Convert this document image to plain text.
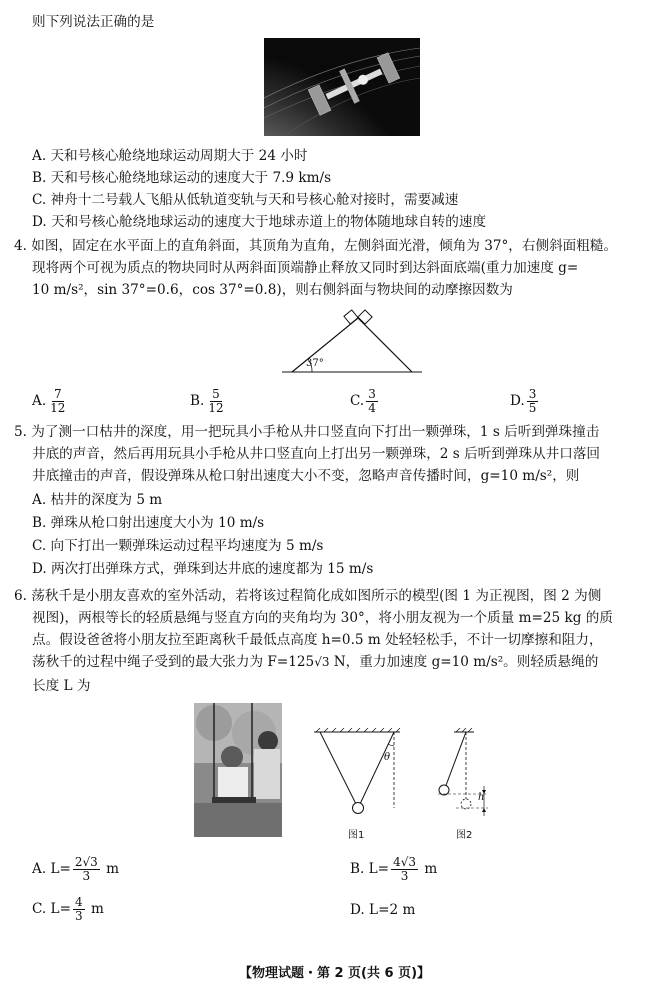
则下列说法正确的是
A. 天和号核心舱绕地球运动周期大于 24 小时
B. 天和号核心舱绕地球运动的速度大于 7.9 km/s
C. 神舟十二号载人飞船从低轨道变轨与天和号核心舱对接时，需要减速
D. 天和号核心舱绕地球运动的速度大于地球赤道上的物体随地球自转的速度
4. 如图，固定在水平面上的直角斜面，其顶角为直角，左侧斜面光滑，倾角为 37°，右侧斜面粗糙。
现将两个可视为质点的物块同时从两斜面顶端静止释放又同时到达斜面底端(重力加速度 g=
10 m/s²，sin 37°=0.6，cos 37°=0.8)，则右侧斜面与物块间的动摩擦因数为
37°
A. $\frac{7}{12}$	B. $\frac{5}{12}$	C. $\frac{3}{4}$	D. $\frac{3}{5}$
5. 为了测一口枯井的深度，用一把玩具小手枪从井口竖直向下打出一颗弹珠，1 s 后听到弹珠撞击
井底的声音，然后再用玩具小手枪从井口竖直向上打出另一颗弹珠，2 s 后听到弹珠从井口落回
井底撞击的声音，假设弹珠从枪口射出速度大小不变，忽略声音传播时间，g=10 m/s²，则
A. 枯井的深度为 5 m
B. 弹珠从枪口射出速度大小为 10 m/s
C. 向下打出一颗弹珠运动过程平均速度为 5 m/s
D. 两次打出弹珠方式，弹珠到达井底的速度都为 15 m/s
6. 荡秋千是小朋友喜欢的室外活动，若将该过程简化成如图所示的模型(图 1 为正视图，图 2 为侧
视图)，两根等长的轻质悬绳与竖直方向的夹角均为 30°，将小朋友视为一个质量 m=25 kg 的质
点。假设爸爸将小朋友拉至距离秋千最低点高度 h=0.5 m 处轻轻松手，不计一切摩擦和阻力，
荡秋千的过程中绳子受到的最大张力为 F=125√3 N，重力加速度 g=10 m/s²。则轻质悬绳的
长度 L 为
θ
图1
h
图2
A. $L= \frac{2√3}{3}$ m	B. $L= \frac{4√3}{3}$ m
C. $L= \frac{4}{3}$ m	D. L=2 m
【物理试题・第 2 页(共 6 页)】
